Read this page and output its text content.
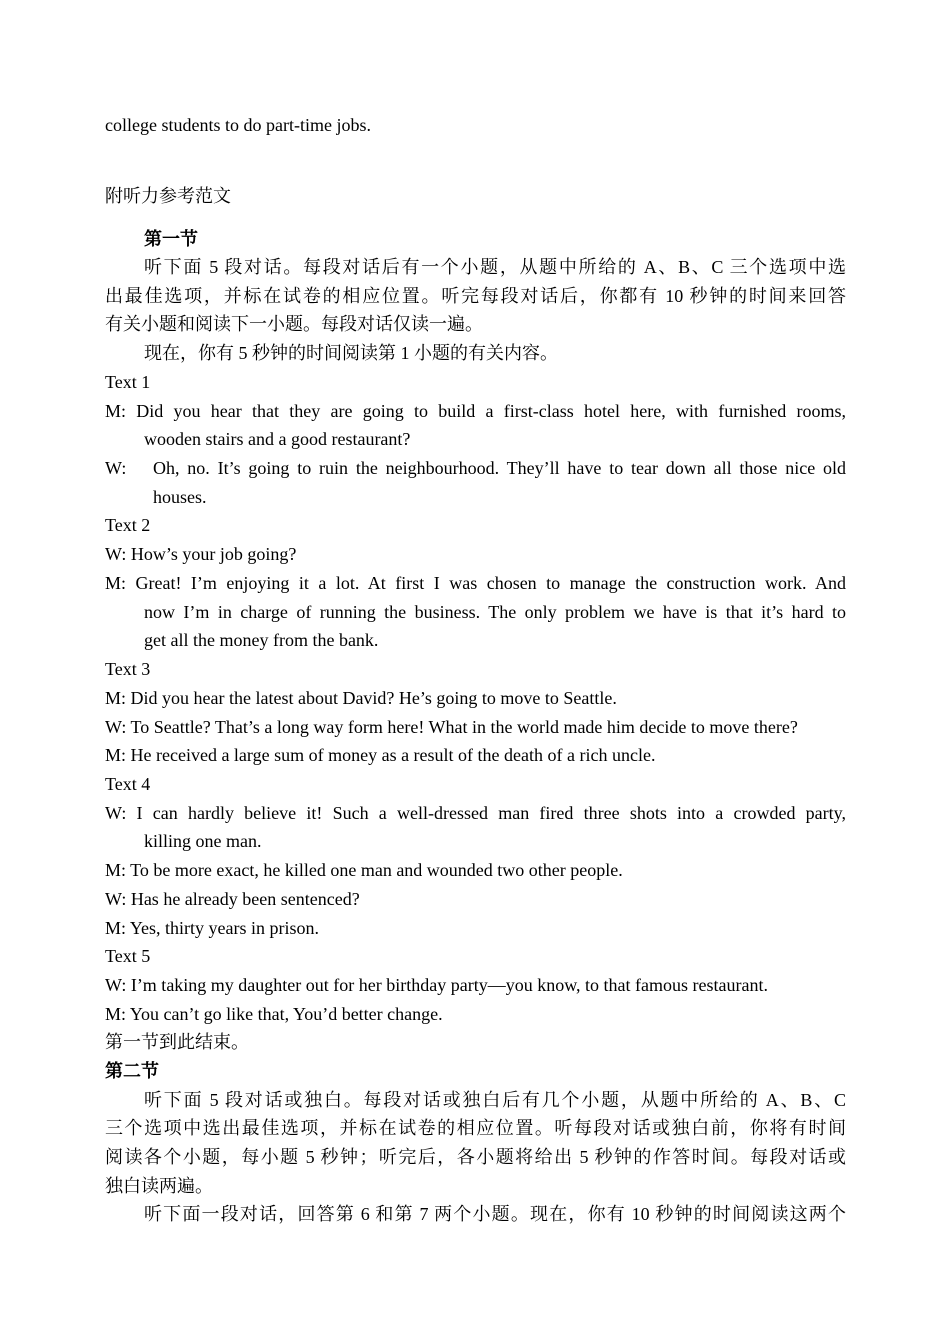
college students to do part-time jobs.
附听力参考范文
第一节
听下面 5 段对话。每段对话后有一个小题，从题中所给的 A、B、C 三个选项中选
出最佳选项，并标在试卷的相应位置。听完每段对话后，你都有 10 秒钟的时间来回答
有关小题和阅读下一小题。每段对话仅读一遍。
现在，你有 5 秒钟的时间阅读第 1 小题的有关内容。
Text 1
M: Did you hear that they are going to build a first-class hotel here, with furnished rooms,
wooden stairs and a good restaurant?
W: Oh, no. It’s going to ruin the neighbourhood. They’ll have to tear down all those nice old
houses.
Text 2
W: How’s your job going?
M: Great! I’m enjoying it a lot. At first I was chosen to manage the construction work. And
now I’m in charge of running the business. The only problem we have is that it’s hard to
get all the money from the bank.
Text 3
M: Did you hear the latest about David? He’s going to move to Seattle.
W: To Seattle? That’s a long way form here! What in the world made him decide to move there?
M: He received a large sum of money as a result of the death of a rich uncle.
Text 4
W: I can hardly believe it! Such a well-dressed man fired three shots into a crowded party,
killing one man.
M: To be more exact, he killed one man and wounded two other people.
W: Has he already been sentenced?
M: Yes, thirty years in prison.
Text 5
W: I’m taking my daughter out for her birthday party—you know, to that famous restaurant.
M: You can’t go like that, You’d better change.
第一节到此结束。
第二节
听下面 5 段对话或独白。每段对话或独白后有几个小题，从题中所给的 A、B、C
三个选项中选出最佳选项，并标在试卷的相应位置。听每段对话或独白前，你将有时间
阅读各个小题，每小题 5 秒钟；听完后，各小题将给出 5 秒钟的作答时间。每段对话或
独白读两遍。
听下面一段对话，回答第 6 和第 7 两个小题。现在，你有 10 秒钟的时间阅读这两个
